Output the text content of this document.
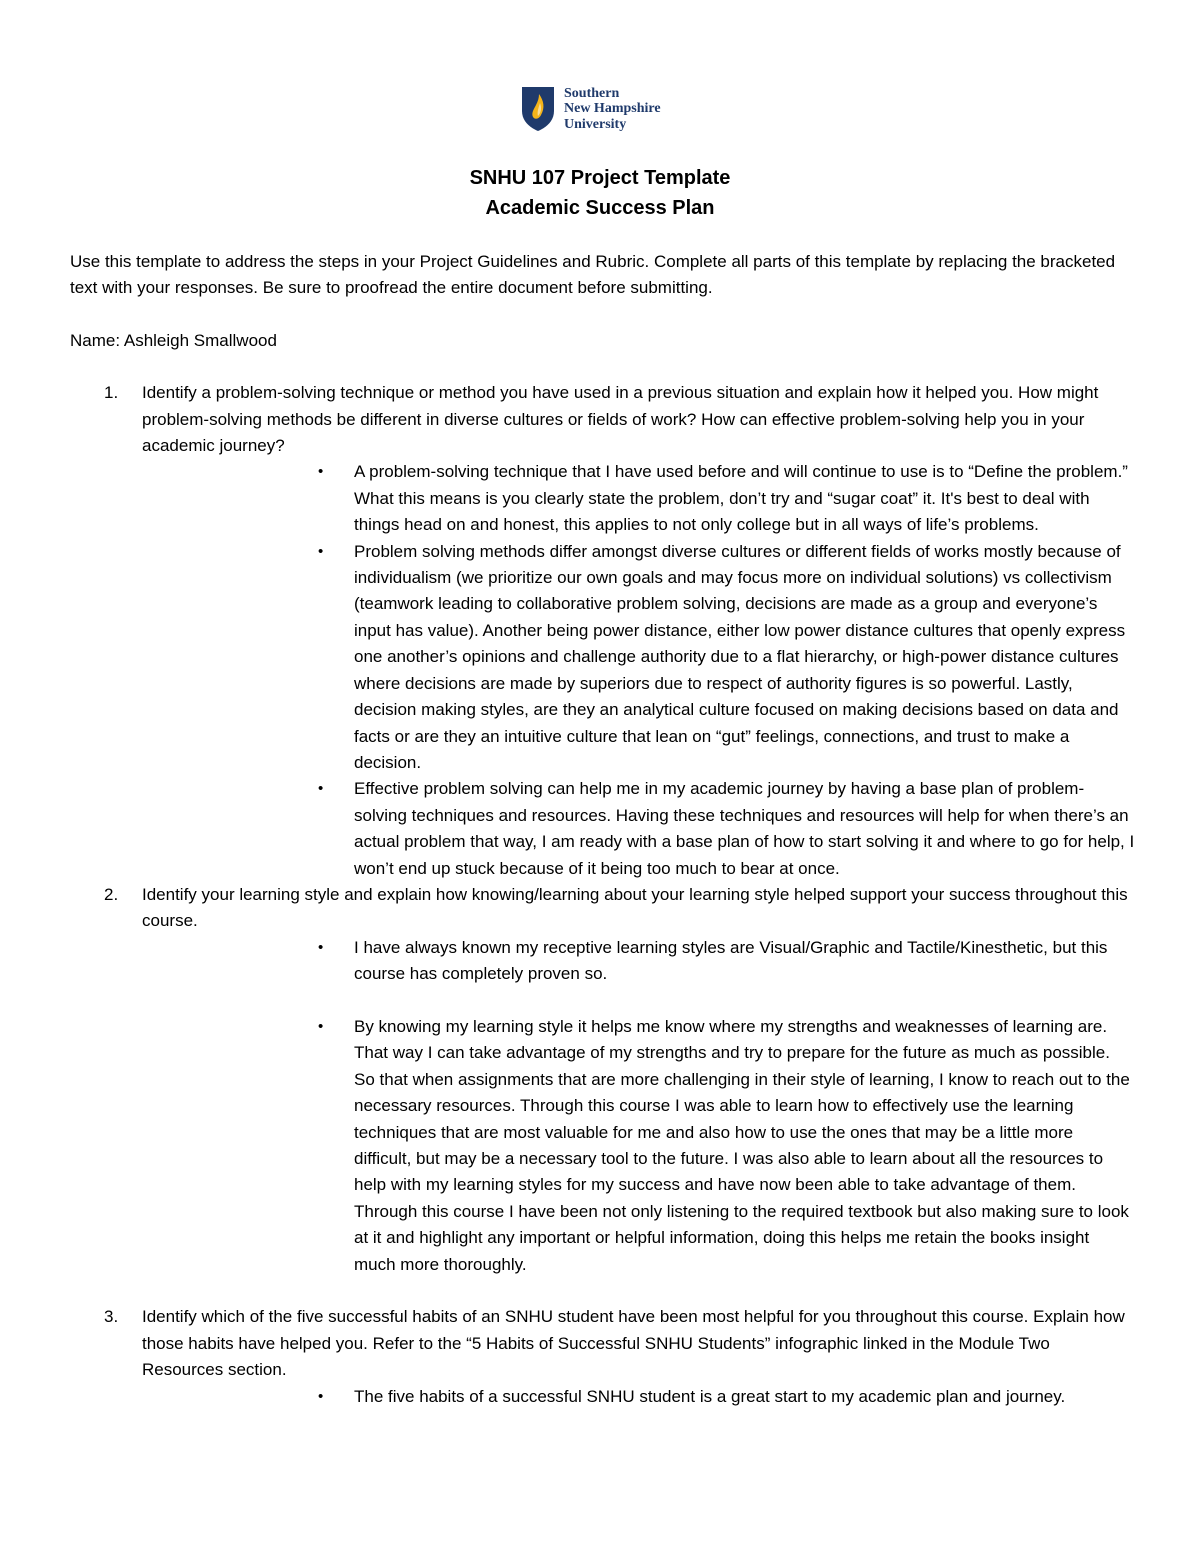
Southern
New Hampshire
University
SNHU 107 Project Template
Academic Success Plan

Use this template to address the steps in your Project Guidelines and Rubric. Complete all parts of this template by replacing the bracketed text with your responses. Be sure to proofread the entire document before submitting.

Name: Ashleigh Smallwood

1. Identify a problem-solving technique or method you have used in a previous situation and explain how it helped you. How might problem-solving methods be different in diverse cultures or fields of work? How can effective problem-solving help you in your academic journey?

• A problem-solving technique that I have used before and will continue to use is to “Define the problem.” What this means is you clearly state the problem, don’t try and “sugar coat” it. It's best to deal with things head on and honest, this applies to not only college but in all ways of life’s problems.

• Problem solving methods differ amongst diverse cultures or different fields of works mostly because of individualism (we prioritize our own goals and may focus more on individual solutions) vs collectivism (teamwork leading to collaborative problem solving, decisions are made as a group and everyone’s input has value). Another being power distance, either low power distance cultures that openly express one another’s opinions and challenge authority due to a flat hierarchy, or high-power distance cultures where decisions are made by superiors due to respect of authority figures is so powerful. Lastly, decision making styles, are they an analytical culture focused on making decisions based on data and facts or are they an intuitive culture that lean on “gut” feelings, connections, and trust to make a decision.

• Effective problem solving can help me in my academic journey by having a base plan of problem-solving techniques and resources. Having these techniques and resources will help for when there’s an actual problem that way, I am ready with a base plan of how to start solving it and where to go for help, I won’t end up stuck because of it being too much to bear at once.

2. Identify your learning style and explain how knowing/learning about your learning style helped support your success throughout this course.

• I have always known my receptive learning styles are Visual/Graphic and Tactile/Kinesthetic, but this course has completely proven so.

• By knowing my learning style it helps me know where my strengths and weaknesses of learning are. That way I can take advantage of my strengths and try to prepare for the future as much as possible. So that when assignments that are more challenging in their style of learning, I know to reach out to the necessary resources. Through this course I was able to learn how to effectively use the learning techniques that are most valuable for me and also how to use the ones that may be a little more difficult, but may be a necessary tool to the future. I was also able to learn about all the resources to help with my learning styles for my success and have now been able to take advantage of them. Through this course I have been not only listening to the required textbook but also making sure to look at it and highlight any important or helpful information, doing this helps me retain the books insight much more thoroughly.

3. Identify which of the five successful habits of an SNHU student have been most helpful for you throughout this course. Explain how those habits have helped you. Refer to the “5 Habits of Successful SNHU Students” infographic linked in the Module Two Resources section.

• The five habits of a successful SNHU student is a great start to my academic plan and journey.
